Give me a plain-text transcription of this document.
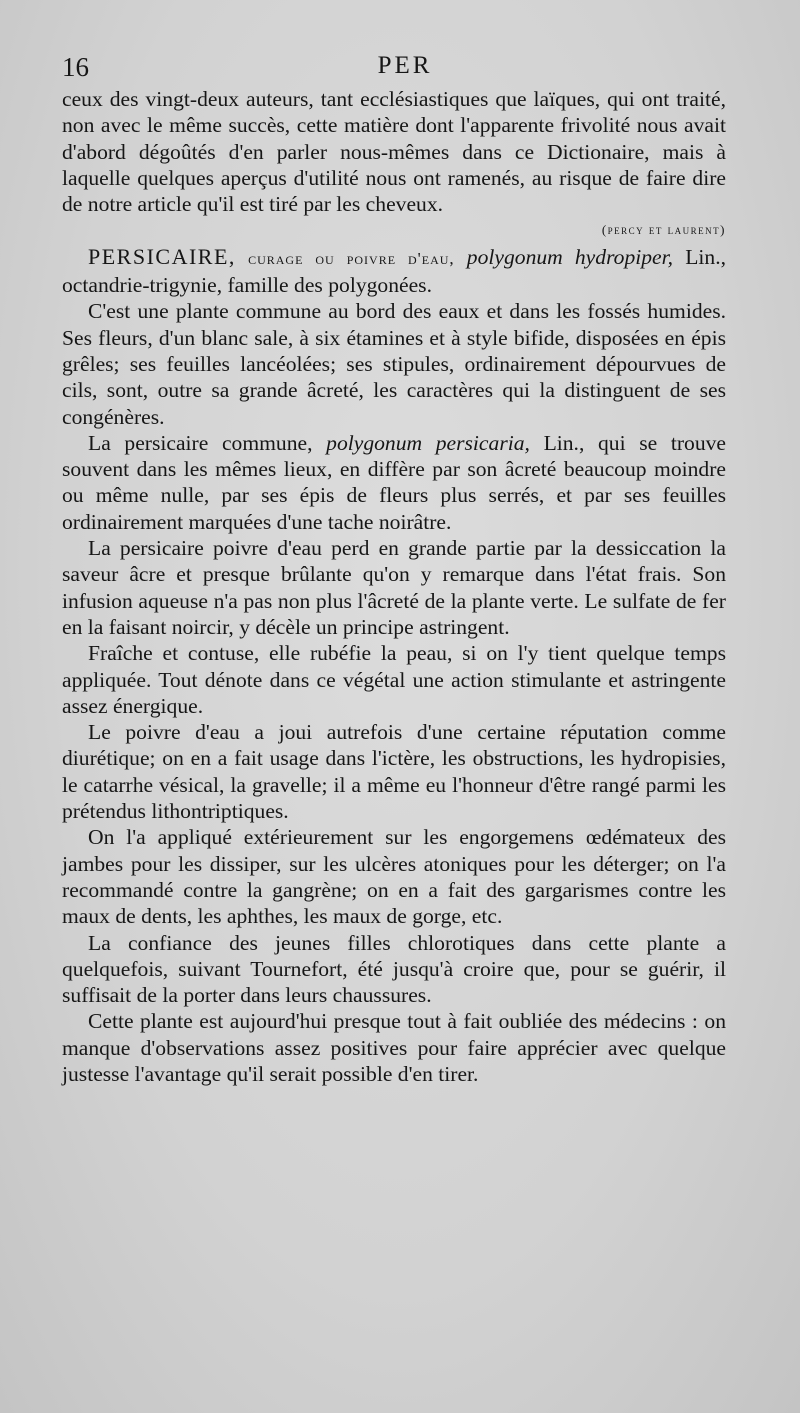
16	PER

ceux des vingt-deux auteurs, tant ecclésiastiques que laïques, qui ont traité, non avec le même succès, cette matière dont l'apparente frivolité nous avait d'abord dégoûtés d'en parler nous-mêmes dans ce Dictionaire, mais à laquelle quelques aperçus d'utilité nous ont ramenés, au risque de faire dire de notre article qu'il est tiré par les cheveux.

(percy et laurent)

PERSICAIRE, curage ou poivre d'eau, polygonum hydropiper, Lin., octandrie-trigynie, famille des polygonées.

C'est une plante commune au bord des eaux et dans les fossés humides. Ses fleurs, d'un blanc sale, à six étamines et à style bifide, disposées en épis grêles; ses feuilles lancéolées; ses stipules, ordinairement dépourvues de cils, sont, outre sa grande âcreté, les caractères qui la distinguent de ses congénères.

La persicaire commune, polygonum persicaria, Lin., qui se trouve souvent dans les mêmes lieux, en diffère par son âcreté beaucoup moindre ou même nulle, par ses épis de fleurs plus serrés, et par ses feuilles ordinairement marquées d'une tache noirâtre.

La persicaire poivre d'eau perd en grande partie par la dessiccation la saveur âcre et presque brûlante qu'on y remarque dans l'état frais. Son infusion aqueuse n'a pas non plus l'âcreté de la plante verte. Le sulfate de fer en la faisant noircir, y décèle un principe astringent.

Fraîche et contuse, elle rubéfie la peau, si on l'y tient quelque temps appliquée. Tout dénote dans ce végétal une action stimulante et astringente assez énergique.

Le poivre d'eau a joui autrefois d'une certaine réputation comme diurétique; on en a fait usage dans l'ictère, les obstructions, les hydropisies, le catarrhe vésical, la gravelle; il a même eu l'honneur d'être rangé parmi les prétendus lithontriptiques.

On l'a appliqué extérieurement sur les engorgemens œdémateux des jambes pour les dissiper, sur les ulcères atoniques pour les déterger; on l'a recommandé contre la gangrène; on en a fait des gargarismes contre les maux de dents, les aphthes, les maux de gorge, etc.

La confiance des jeunes filles chlorotiques dans cette plante a quelquefois, suivant Tournefort, été jusqu'à croire que, pour se guérir, il suffisait de la porter dans leurs chaussures.

Cette plante est aujourd'hui presque tout à fait oubliée des médecins : on manque d'observations assez positives pour faire apprécier avec quelque justesse l'avantage qu'il serait possible d'en tirer.
